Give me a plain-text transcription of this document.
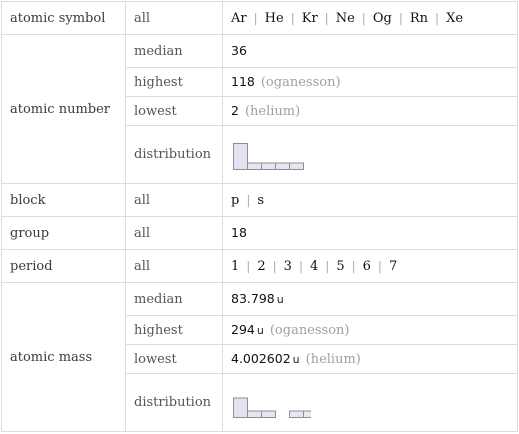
atomic symbol	all	Ar | He | Kr | Ne | Og | Rn | Xe
atomic number	median	36
	highest	118 (oganesson)
	lowest	2 (helium)
	distribution	
block	all	p | s
group	all	18
period	all	1 | 2 | 3 | 4 | 5 | 6 | 7
atomic mass	median	83.798 u
	highest	294 u (oganesson)
	lowest	4.002602 u (helium)
	distribution	
